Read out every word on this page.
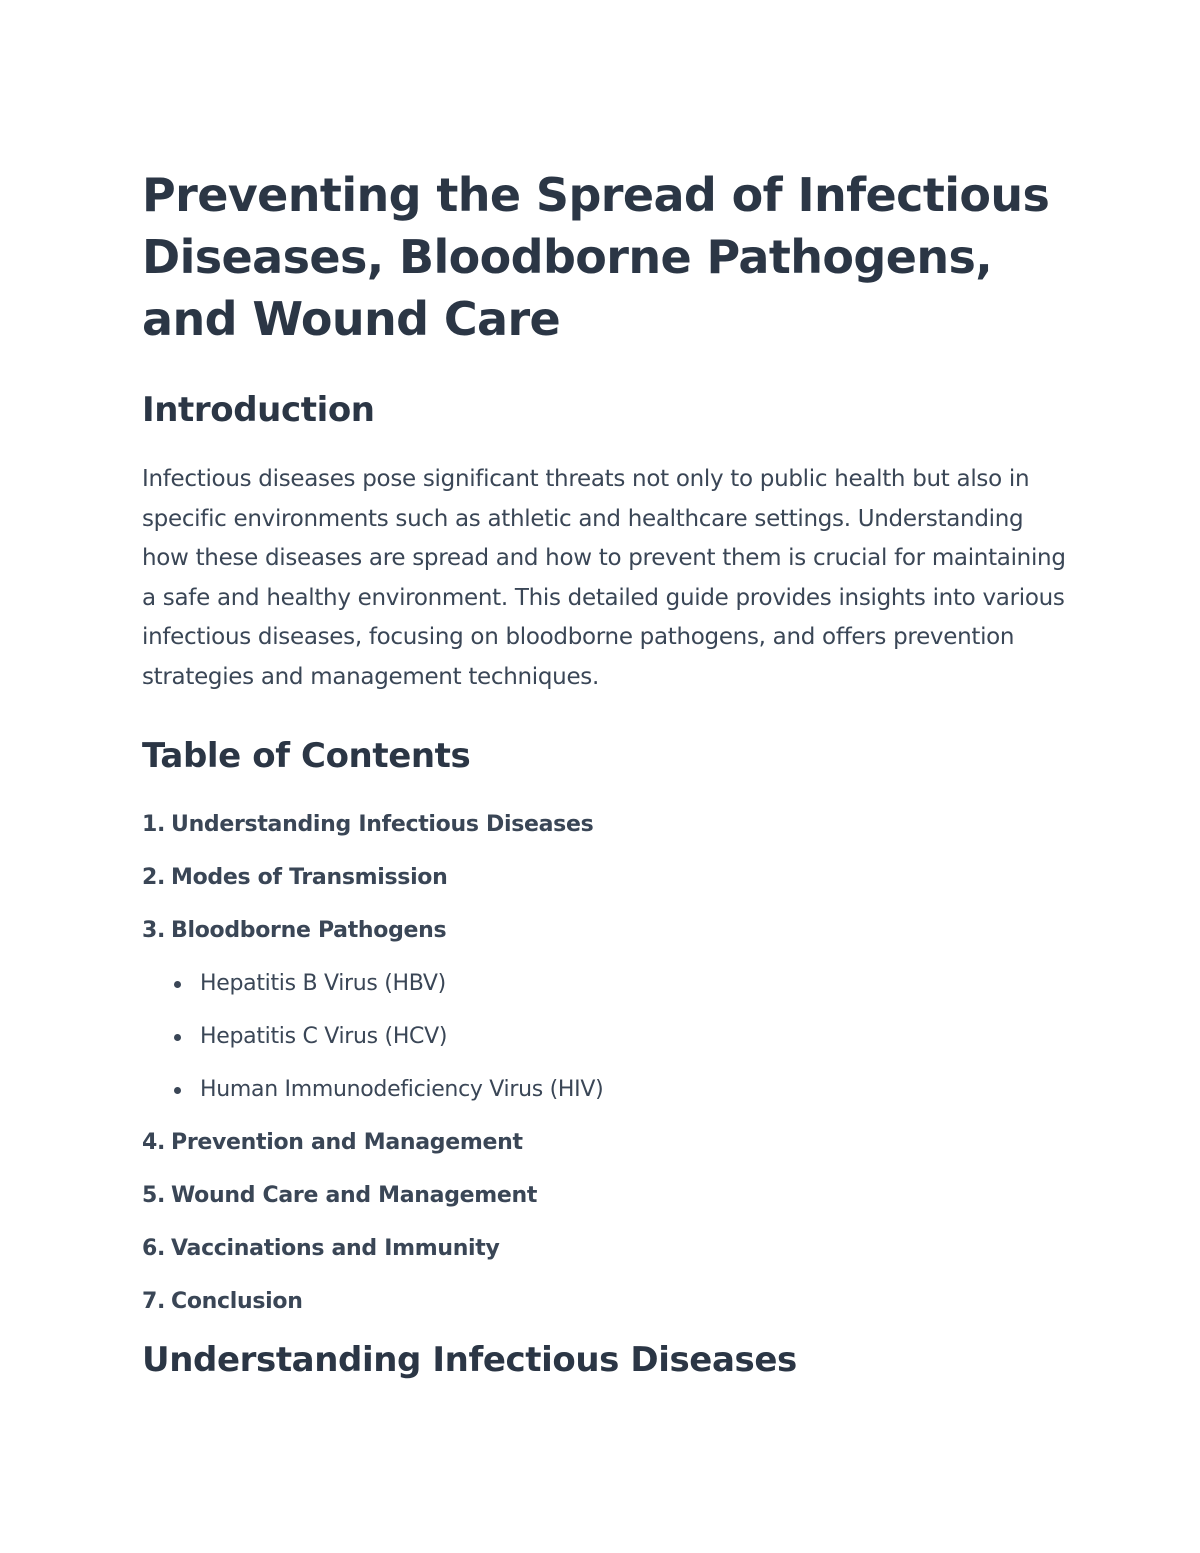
Preventing the Spread of Infectious Diseases, Bloodborne Pathogens, and Wound Care
Introduction

Infectious diseases pose significant threats not only to public health but also in specific environments such as athletic and healthcare settings. Understanding how these diseases are spread and how to prevent them is crucial for maintaining a safe and healthy environment. This detailed guide provides insights into various infectious diseases, focusing on bloodborne pathogens, and offers prevention strategies and management techniques.

Table of Contents
1. Understanding Infectious Diseases
2. Modes of Transmission
3. Bloodborne Pathogens
Hepatitis B Virus (HBV)
Hepatitis C Virus (HCV)
Human Immunodeficiency Virus (HIV)
4. Prevention and Management
5. Wound Care and Management
6. Vaccinations and Immunity
7. Conclusion
Understanding Infectious Diseases
